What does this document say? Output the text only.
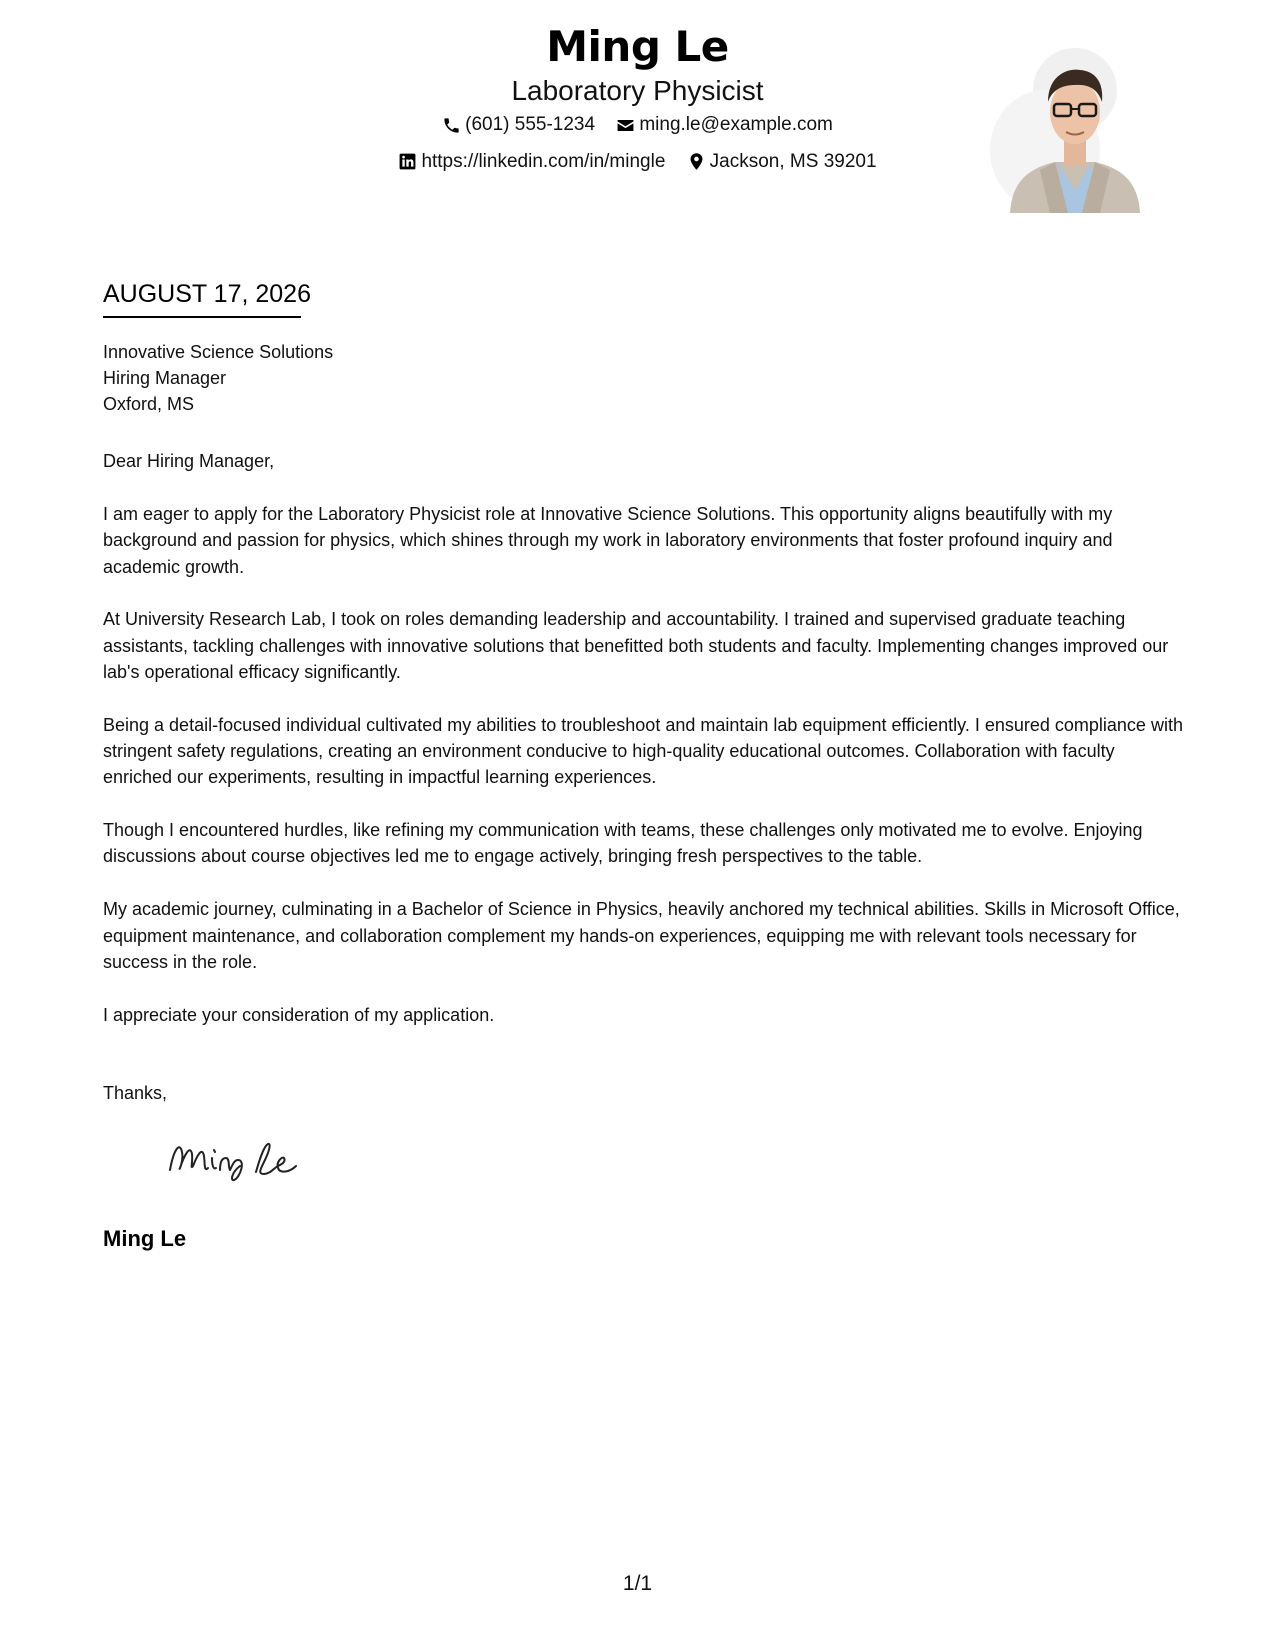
Ming Le
Laboratory Physicist
(601) 555-1234
ming.le@example.com
https://linkedin.com/in/mingle
Jackson, MS 39201
AUGUST 17, 2026
Innovative Science Solutions
Hiring Manager
Oxford, MS
Dear Hiring Manager,

I am eager to apply for the Laboratory Physicist role at Innovative Science Solutions. This opportunity aligns beautifully with my background and passion for physics, which shines through my work in laboratory environments that foster profound inquiry and academic growth.

At University Research Lab, I took on roles demanding leadership and accountability. I trained and supervised graduate teaching assistants, tackling challenges with innovative solutions that benefitted both students and faculty. Implementing changes improved our lab's operational efficacy significantly.

Being a detail-focused individual cultivated my abilities to troubleshoot and maintain lab equipment efficiently. I ensured compliance with stringent safety regulations, creating an environment conducive to high-quality educational outcomes. Collaboration with faculty enriched our experiments, resulting in impactful learning experiences.

Though I encountered hurdles, like refining my communication with teams, these challenges only motivated me to evolve. Enjoying discussions about course objectives led me to engage actively, bringing fresh perspectives to the table.

My academic journey, culminating in a Bachelor of Science in Physics, heavily anchored my technical abilities. Skills in Microsoft Office, equipment maintenance, and collaboration complement my hands-on experiences, equipping me with relevant tools necessary for success in the role.

I appreciate your consideration of my application.

Thanks,
Ming Le
1/1
